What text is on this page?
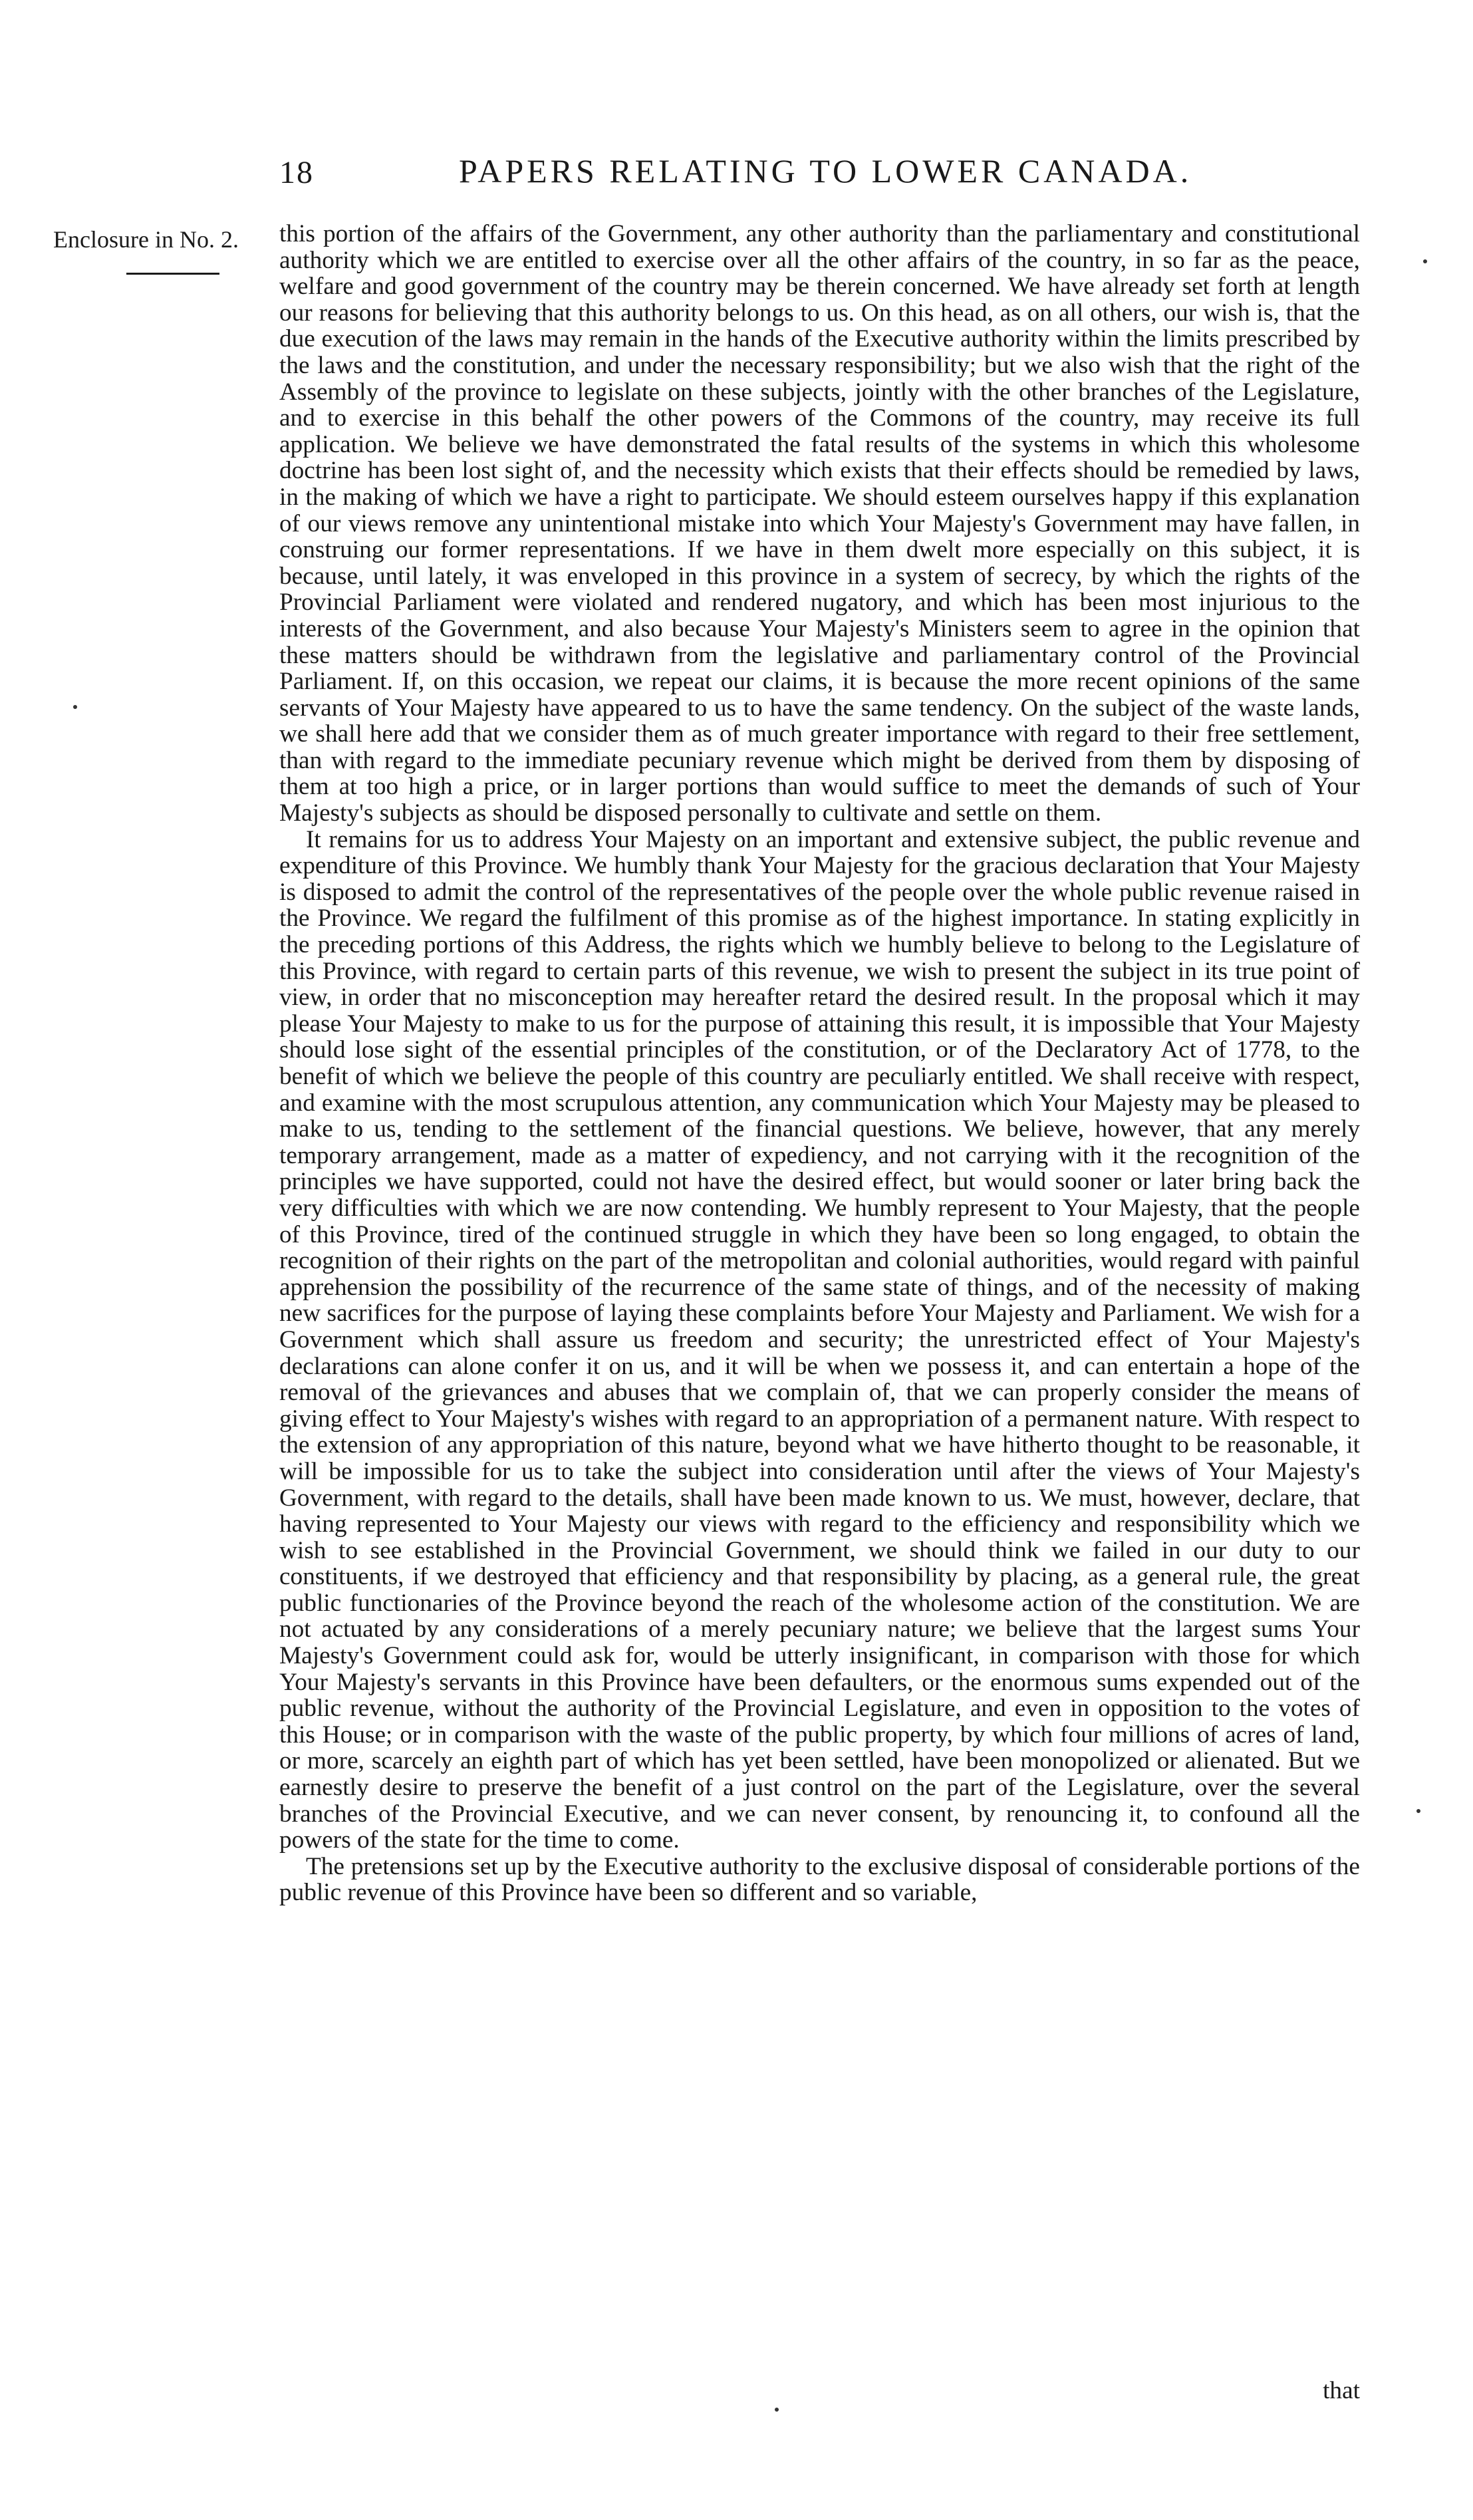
18	PAPERS RELATING TO LOWER CANADA.
Enclosure in No. 2. this portion of the affairs of the Government, any other authority than the parliamentary and constitutional authority which we are entitled to exercise over all the other affairs of the country, in so far as the peace, welfare and good government of the country may be therein concerned. We have already set forth at length our reasons for believing that this authority belongs to us. On this head, as on all others, our wish is, that the due execution of the laws may remain in the hands of the Executive authority within the limits prescribed by the laws and the constitution, and under the necessary responsibility; but we also wish that the right of the Assembly of the province to legislate on these subjects, jointly with the other branches of the Legislature, and to exercise in this behalf the other powers of the Commons of the country, may receive its full application. We believe we have demonstrated the fatal results of the systems in which this wholesome doctrine has been lost sight of, and the necessity which exists that their effects should be remedied by laws, in the making of which we have a right to participate. We should esteem ourselves happy if this explanation of our views remove any unintentional mistake into which Your Majesty's Government may have fallen, in construing our former representations. If we have in them dwelt more especially on this subject, it is because, until lately, it was enveloped in this province in a system of secrecy, by which the rights of the Provincial Parliament were violated and rendered nugatory, and which has been most injurious to the interests of the Government, and also because Your Majesty's Ministers seem to agree in the opinion that these matters should be withdrawn from the legislative and parliamentary control of the Provincial Parliament. If, on this occasion, we repeat our claims, it is because the more recent opinions of the same servants of Your Majesty have appeared to us to have the same tendency. On the subject of the waste lands, we shall here add that we consider them as of much greater importance with regard to their free settlement, than with regard to the immediate pecuniary revenue which might be derived from them by disposing of them at too high a price, or in larger portions than would suffice to meet the demands of such of Your Majesty's subjects as should be disposed personally to cultivate and settle on them.

It remains for us to address Your Majesty on an important and extensive subject, the public revenue and expenditure of this Province. We humbly thank Your Majesty for the gracious declaration that Your Majesty is disposed to admit the control of the representatives of the people over the whole public revenue raised in the Province. We regard the fulfilment of this promise as of the highest importance. In stating explicitly in the preceding portions of this Address, the rights which we humbly believe to belong to the Legislature of this Province, with regard to certain parts of this revenue, we wish to present the subject in its true point of view, in order that no misconception may hereafter retard the desired result. In the proposal which it may please Your Majesty to make to us for the purpose of attaining this result, it is impossible that Your Majesty should lose sight of the essential principles of the constitution, or of the Declaratory Act of 1778, to the benefit of which we believe the people of this country are peculiarly entitled. We shall receive with respect, and examine with the most scrupulous attention, any communication which Your Majesty may be pleased to make to us, tending to the settlement of the financial questions. We believe, however, that any merely temporary arrangement, made as a matter of expediency, and not carrying with it the recognition of the principles we have supported, could not have the desired effect, but would sooner or later bring back the very difficulties with which we are now contending. We humbly represent to Your Majesty, that the people of this Province, tired of the continued struggle in which they have been so long engaged, to obtain the recognition of their rights on the part of the metropolitan and colonial authorities, would regard with painful apprehension the possibility of the recurrence of the same state of things, and of the necessity of making new sacrifices for the purpose of laying these complaints before Your Majesty and Parliament. We wish for a Government which shall assure us freedom and security; the unrestricted effect of Your Majesty's declarations can alone confer it on us, and it will be when we possess it, and can entertain a hope of the removal of the grievances and abuses that we complain of, that we can properly consider the means of giving effect to Your Majesty's wishes with regard to an appropriation of a permanent nature. With respect to the extension of any appropriation of this nature, beyond what we have hitherto thought to be reasonable, it will be impossible for us to take the subject into consideration until after the views of Your Majesty's Government, with regard to the details, shall have been made known to us. We must, however, declare, that having represented to Your Majesty our views with regard to the efficiency and responsibility which we wish to see established in the Provincial Government, we should think we failed in our duty to our constituents, if we destroyed that efficiency and that responsibility by placing, as a general rule, the great public functionaries of the Province beyond the reach of the wholesome action of the constitution. We are not actuated by any considerations of a merely pecuniary nature; we believe that the largest sums Your Majesty's Government could ask for, would be utterly insignificant, in comparison with those for which Your Majesty's servants in this Province have been defaulters, or the enormous sums expended out of the public revenue, without the authority of the Provincial Legislature, and even in opposition to the votes of this House; or in comparison with the waste of the public property, by which four millions of acres of land, or more, scarcely an eighth part of which has yet been settled, have been monopolized or alienated. But we earnestly desire to preserve the benefit of a just control on the part of the Legislature, over the several branches of the Provincial Executive, and we can never consent, by renouncing it, to confound all the powers of the state for the time to come.

The pretensions set up by the Executive authority to the exclusive disposal of considerable portions of the public revenue of this Province have been so different and so variable,

that
